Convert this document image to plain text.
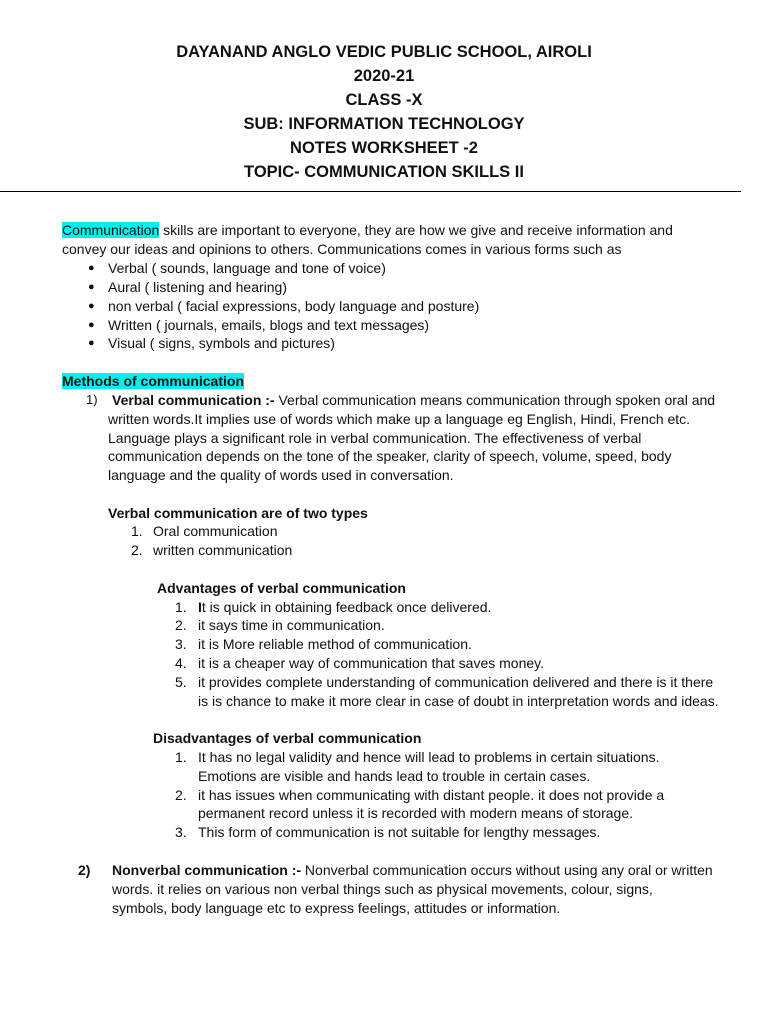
DAYANAND ANGLO VEDIC PUBLIC SCHOOL, AIROLI
2020-21
CLASS -X
SUB: INFORMATION TECHNOLOGY
NOTES WORKSHEET -2
TOPIC- COMMUNICATION SKILLS II
Communication skills are important to everyone, they are how we give and receive information and
convey our ideas and opinions to others. Communications comes in various forms such as
● Verbal ( sounds, language and tone of voice)
● Aural ( listening and hearing)
● non verbal ( facial expressions, body language and posture)
● Written ( journals, emails, blogs and text messages)
● Visual ( signs, symbols and pictures)
Methods of communication
1) Verbal communication :- Verbal communication means communication through spoken oral and
written words.It implies use of words which make up a language eg English, Hindi, French etc.
Language plays a significant role in verbal communication. The effectiveness of verbal
communication depends on the tone of the speaker, clarity of speech, volume, speed, body
language and the quality of words used in conversation.
Verbal communication are of two types
1. Oral communication
2. written communication
Advantages of verbal communication
1. It is quick in obtaining feedback once delivered.
2. it says time in communication.
3. it is More reliable method of communication.
4. it is a cheaper way of communication that saves money.
5. it provides complete understanding of communication delivered and there is it there
is is chance to make it more clear in case of doubt in interpretation words and ideas.
Disadvantages of verbal communication
1. It has no legal validity and hence will lead to problems in certain situations.
Emotions are visible and hands lead to trouble in certain cases.
2. it has issues when communicating with distant people. it does not provide a
permanent record unless it is recorded with modern means of storage.
3. This form of communication is not suitable for lengthy messages.
2) Nonverbal communication :- Nonverbal communication occurs without using any oral or written
words. it relies on various non verbal things such as physical movements, colour, signs,
symbols, body language etc to express feelings, attitudes or information.
